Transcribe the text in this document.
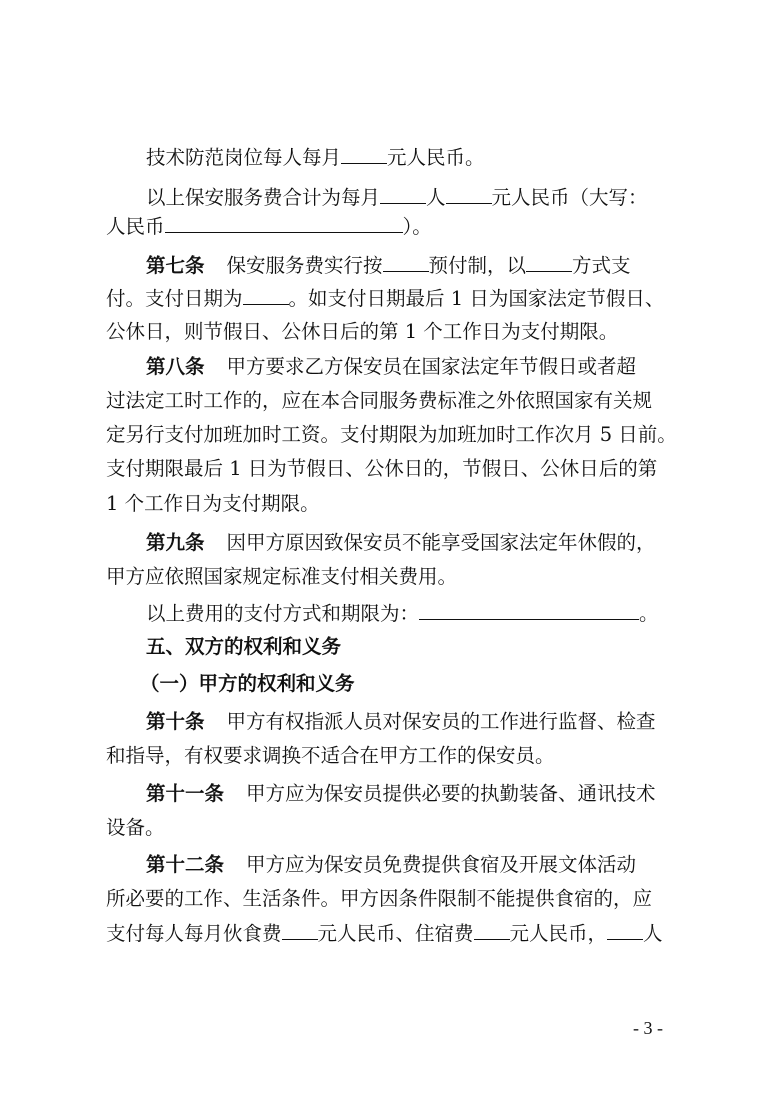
技术防范岗位每人每月 元人民币。
以上保安服务费合计为每月 人 元人民币（大写：
人民币	）。
第七条 保安服务费实行按 预付制，以 方式支
付。支付日期为 。如支付日期最后 1 日为国家法定节假日、
公休日，则节假日、公休日后的第 1 个工作日为支付期限。
第八条 甲方要求乙方保安员在国家法定年节假日或者超
过法定工时工作的，应在本合同服务费标准之外依照国家有关规
定另行支付加班加时工资。支付期限为加班加时工作次月 5 日前。
支付期限最后 1 日为节假日、公休日的，节假日、公休日后的第
1 个工作日为支付期限。
第九条 因甲方原因致保安员不能享受国家法定年休假的，
甲方应依照国家规定标准支付相关费用。
以上费用的支付方式和期限为：	。
五、双方的权利和义务
（一）甲方的权利和义务
第十条 甲方有权指派人员对保安员的工作进行监督、检查
和指导，有权要求调换不适合在甲方工作的保安员。
第十一条 甲方应为保安员提供必要的执勤装备、通讯技术
设备。
第十二条 甲方应为保安员免费提供食宿及开展文体活动
所必要的工作、生活条件。甲方因条件限制不能提供食宿的，应
支付每人每月伙食费 元人民币、住宿费 元人民币， 人
- 3 -
